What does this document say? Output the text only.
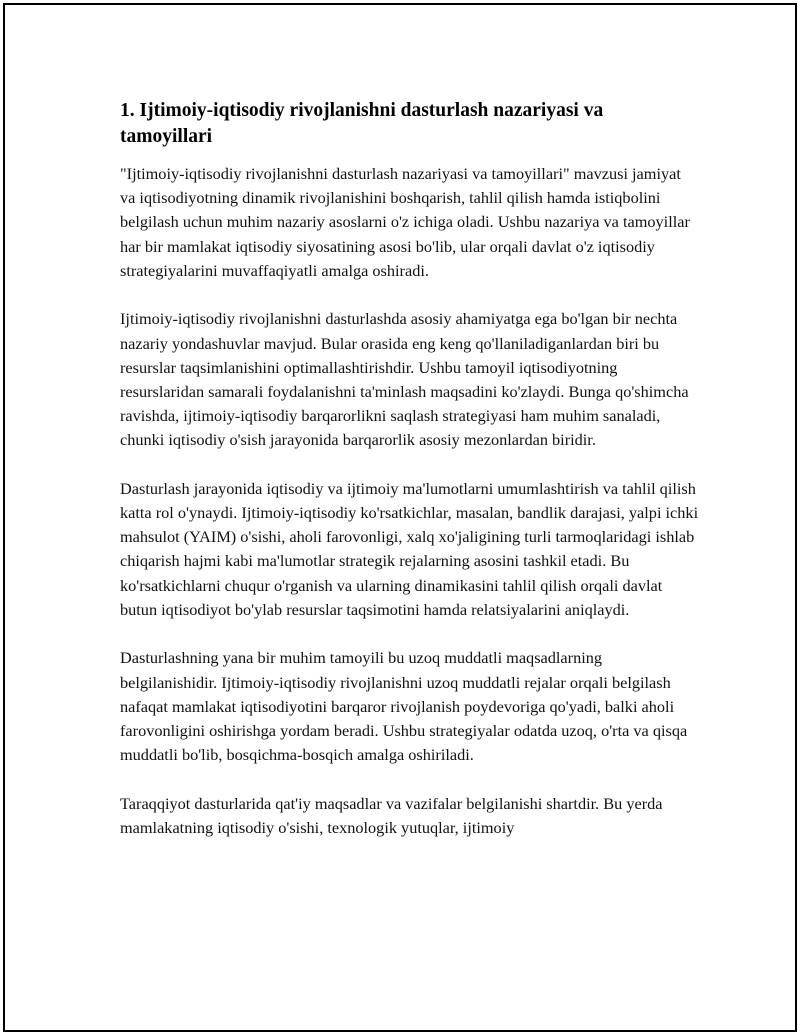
1. Ijtimoiy-iqtisodiy rivojlanishni dasturlash nazariyasi va tamoyillari

"Ijtimoiy-iqtisodiy rivojlanishni dasturlash nazariyasi va tamoyillari" mavzusi jamiyat va iqtisodiyotning dinamik rivojlanishini boshqarish, tahlil qilish hamda istiqbolini belgilash uchun muhim nazariy asoslarni o'z ichiga oladi. Ushbu nazariya va tamoyillar har bir mamlakat iqtisodiy siyosatining asosi bo'lib, ular orqali davlat o'z iqtisodiy strategiyalarini muvaffaqiyatli amalga oshiradi.

Ijtimoiy-iqtisodiy rivojlanishni dasturlashda asosiy ahamiyatga ega bo'lgan bir nechta nazariy yondashuvlar mavjud. Bular orasida eng keng qo'llaniladiganlardan biri bu resurslar taqsimlanishini optimallashtirishdir. Ushbu tamoyil iqtisodiyotning resurslaridan samarali foydalanishni ta'minlash maqsadini ko'zlaydi. Bunga qo'shimcha ravishda, ijtimoiy-iqtisodiy barqarorlikni saqlash strategiyasi ham muhim sanaladi, chunki iqtisodiy o'sish jarayonida barqarorlik asosiy mezonlardan biridir.

Dasturlash jarayonida iqtisodiy va ijtimoiy ma'lumotlarni umumlashtirish va tahlil qilish katta rol o'ynaydi. Ijtimoiy-iqtisodiy ko'rsatkichlar, masalan, bandlik darajasi, yalpi ichki mahsulot (YAIM) o'sishi, aholi farovonligi, xalq xo'jaligining turli tarmoqlaridagi ishlab chiqarish hajmi kabi ma'lumotlar strategik rejalarning asosini tashkil etadi. Bu ko'rsatkichlarni chuqur o'rganish va ularning dinamikasini tahlil qilish orqali davlat butun iqtisodiyot bo'ylab resurslar taqsimotini hamda relatsiyalarini aniqlaydi.

Dasturlashning yana bir muhim tamoyili bu uzoq muddatli maqsadlarning belgilanishidir. Ijtimoiy-iqtisodiy rivojlanishni uzoq muddatli rejalar orqali belgilash nafaqat mamlakat iqtisodiyotini barqaror rivojlanish poydevoriga qo'yadi, balki aholi farovonligini oshirishga yordam beradi. Ushbu strategiyalar odatda uzoq, o'rta va qisqa muddatli bo'lib, bosqichma-bosqich amalga oshiriladi.

Taraqqiyot dasturlarida qat'iy maqsadlar va vazifalar belgilanishi shartdir. Bu yerda mamlakatning iqtisodiy o'sishi, texnologik yutuqlar, ijtimoiy
